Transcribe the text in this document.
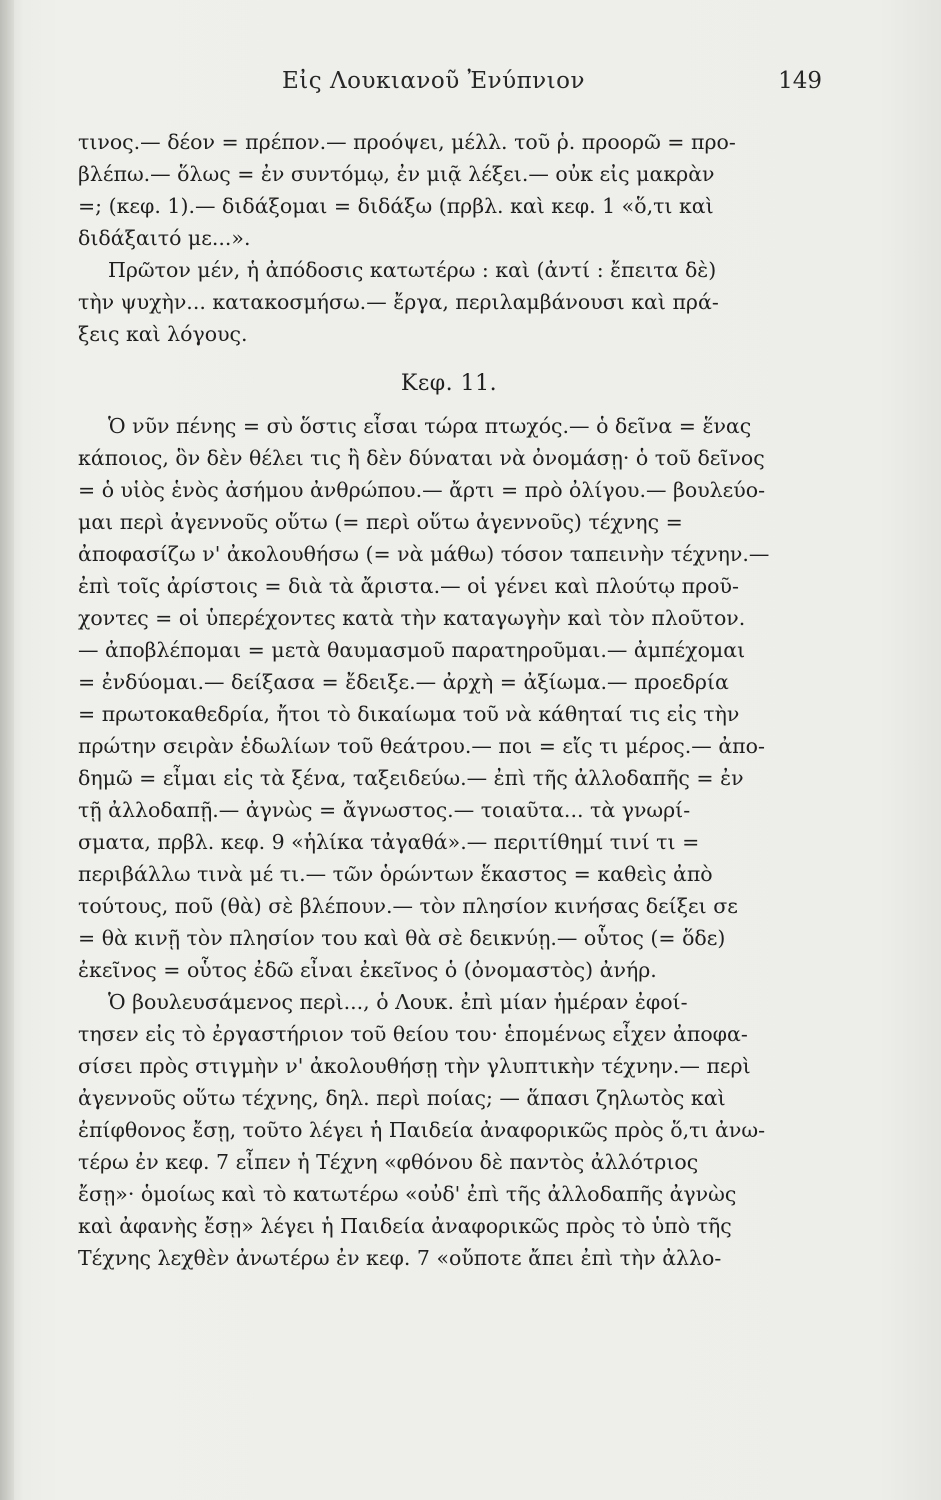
Εἰς Λουκιανοῦ Ἐνύπνιον	149
τινος.— δέον = πρέπον.— προόψει, μέλλ. τοῦ ῥ. προορῶ = προ-
βλέπω.— ὅλως = ἐν συντόμῳ, ἐν μιᾷ λέξει.— οὐκ εἰς μακρὰν
=; (κεφ. 1).— διδάξομαι = διδάξω (πρβλ. καὶ κεφ. 1 «ὅ,τι καὶ
διδάξαιτό με...».
Πρῶτον μέν, ἡ ἀπόδοσις κατωτέρω : καὶ (ἀντί : ἔπειτα δὲ)
τὴν ψυχὴν... κατακοσμήσω.— ἔργα, περιλαμβάνουσι καὶ πρά-
ξεις καὶ λόγους.
Κεφ. 11.
Ὁ νῦν πένης = σὺ ὅστις εἶσαι τώρα πτωχός.— ὁ δεῖνα = ἕνας
κάποιος, ὃν δὲν θέλει τις ἢ δὲν δύναται νὰ ὀνομάσῃ· ὁ τοῦ δεῖνος
= ὁ υἱὸς ἑνὸς ἀσήμου ἀνθρώπου.— ἄρτι = πρὸ ὀλίγου.— βουλεύο-
μαι περὶ ἀγεννοῦς οὕτω (= περὶ οὕτω ἀγεννοῦς) τέχνης =
ἀποφασίζω ν' ἀκολουθήσω (= νὰ μάθω) τόσον ταπεινὴν τέχνην.—
ἐπὶ τοῖς ἀρίστοις = διὰ τὰ ἄριστα.— οἱ γένει καὶ πλούτῳ προῦ-
χοντες = οἱ ὑπερέχοντες κατὰ τὴν καταγωγὴν καὶ τὸν πλοῦτον.
— ἀποβλέπομαι = μετὰ θαυμασμοῦ παρατηροῦμαι.— ἀμπέχομαι
= ἐνδύομαι.— δείξασα = ἔδειξε.— ἀρχὴ = ἀξίωμα.— προεδρία
= πρωτοκαθεδρία, ἤτοι τὸ δικαίωμα τοῦ νὰ κάθηταί τις εἰς τὴν
πρώτην σειρὰν ἑδωλίων τοῦ θεάτρου.— ποι = εἴς τι μέρος.— ἀπο-
δημῶ = εἶμαι εἰς τὰ ξένα, ταξειδεύω.— ἐπὶ τῆς ἀλλοδαπῆς = ἐν
τῇ ἀλλοδαπῇ.— ἀγνὼς = ἄγνωστος.— τοιαῦτα... τὰ γνωρί-
σματα, πρβλ. κεφ. 9 «ἡλίκα τἀγαθά».— περιτίθημί τινί τι =
περιβάλλω τινὰ μέ τι.— τῶν ὁρώντων ἕκαστος = καθεὶς ἀπὸ
τούτους, ποῦ (θὰ) σὲ βλέπουν.— τὸν πλησίον κινήσας δείξει σε
= θὰ κινῇ τὸν πλησίον του καὶ θὰ σὲ δεικνύῃ.— οὗτος (= ὅδε)
ἐκεῖνος = οὗτος ἐδῶ εἶναι ἐκεῖνος ὁ (ὀνομαστὸς) ἀνήρ.
Ὁ βουλευσάμενος περὶ..., ὁ Λουκ. ἐπὶ μίαν ἡμέραν ἐφοί-
τησεν εἰς τὸ ἐργαστήριον τοῦ θείου του· ἑπομένως εἶχεν ἀποφα-
σίσει πρὸς στιγμὴν ν' ἀκολουθήσῃ τὴν γλυπτικὴν τέχνην.— περὶ
ἀγεννοῦς οὕτω τέχνης, δηλ. περὶ ποίας; — ἅπασι ζηλωτὸς καὶ
ἐπίφθονος ἔσῃ, τοῦτο λέγει ἡ Παιδεία ἀναφορικῶς πρὸς ὅ,τι ἀνω-
τέρω ἐν κεφ. 7 εἶπεν ἡ Τέχνη «φθόνου δὲ παντὸς ἀλλότριος
ἔσῃ»· ὁμοίως καὶ τὸ κατωτέρω «οὐδ' ἐπὶ τῆς ἀλλοδαπῆς ἀγνὼς
καὶ ἀφανὴς ἔσῃ» λέγει ἡ Παιδεία ἀναφορικῶς πρὸς τὸ ὑπὸ τῆς
Τέχνης λεχθὲν ἀνωτέρω ἐν κεφ. 7 «οὔποτε ἄπει ἐπὶ τὴν ἀλλο-
